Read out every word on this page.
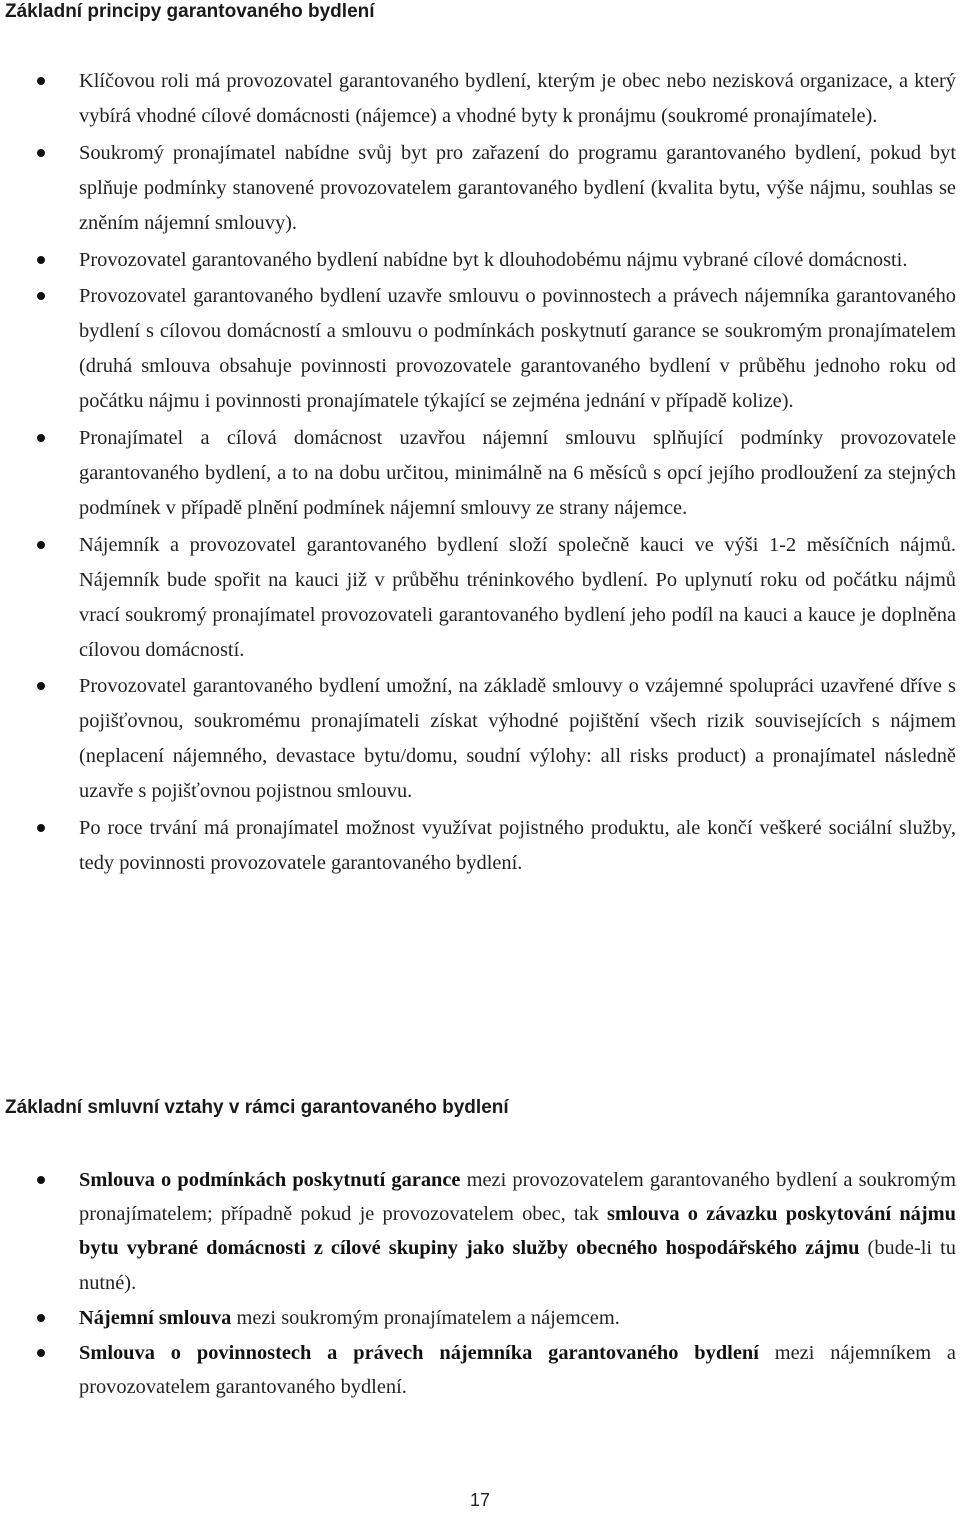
Základní principy garantovaného bydlení
Klíčovou roli má provozovatel garantovaného bydlení, kterým je obec nebo nezisková organizace, a který vybírá vhodné cílové domácnosti (nájemce) a vhodné byty k pronájmu (soukromé pronajímatele).
Soukromý pronajímatel nabídne svůj byt pro zařazení do programu garantovaného bydlení, pokud byt splňuje podmínky stanovené provozovatelem garantovaného bydlení (kvalita bytu, výše nájmu, souhlas se zněním nájemní smlouvy).
Provozovatel garantovaného bydlení nabídne byt k dlouhodobému nájmu vybrané cílové domácnosti.
Provozovatel garantovaného bydlení uzavře smlouvu o povinnostech a právech nájemníka garantovaného bydlení s cílovou domácností a smlouvu o podmínkách poskytnutí garance se soukromým pronajímatelem (druhá smlouva obsahuje povinnosti provozovatele garantovaného bydlení v průběhu jednoho roku od počátku nájmu i povinnosti pronajímatele týkající se zejména jednání v případě kolize).
Pronajímatel a cílová domácnost uzavřou nájemní smlouvu splňující podmínky provozovatele garantovaného bydlení, a to na dobu určitou, minimálně na 6 měsíců s opcí jejího prodloužení za stejných podmínek v případě plnění podmínek nájemní smlouvy ze strany nájemce.
Nájemník a provozovatel garantovaného bydlení složí společně kauci ve výši 1-2 měsíčních nájmů. Nájemník bude spořit na kauci již v průběhu tréninkového bydlení. Po uplynutí roku od počátku nájmů vrací soukromý pronajímatel provozovateli garantovaného bydlení jeho podíl na kauci a kauce je doplněna cílovou domácností.
Provozovatel garantovaného bydlení umožní, na základě smlouvy o vzájemné spolupráci uzavřené dříve s pojišťovnou, soukromému pronajímateli získat výhodné pojištění všech rizik souvisejících s nájmem (neplacení nájemného, devastace bytu/domu, soudní výlohy: all risks product) a pronajímatel následně uzavře s pojišťovnou pojistnou smlouvu.
Po roce trvání má pronajímatel možnost využívat pojistného produktu, ale končí veškeré sociální služby, tedy povinnosti provozovatele garantovaného bydlení.
Základní smluvní vztahy v rámci garantovaného bydlení
Smlouva o podmínkách poskytnutí garance mezi provozovatelem garantovaného bydlení a soukromým pronajímatelem; případně pokud je provozovatelem obec, tak smlouva o závazku poskytování nájmu bytu vybrané domácnosti z cílové skupiny jako služby obecného hospodářského zájmu (bude-li tu nutné).
Nájemní smlouva mezi soukromým pronajímatelem a nájemcem.
Smlouva o povinnostech a právech nájemníka garantovaného bydlení mezi nájemníkem a provozovatelem garantovaného bydlení.
17
